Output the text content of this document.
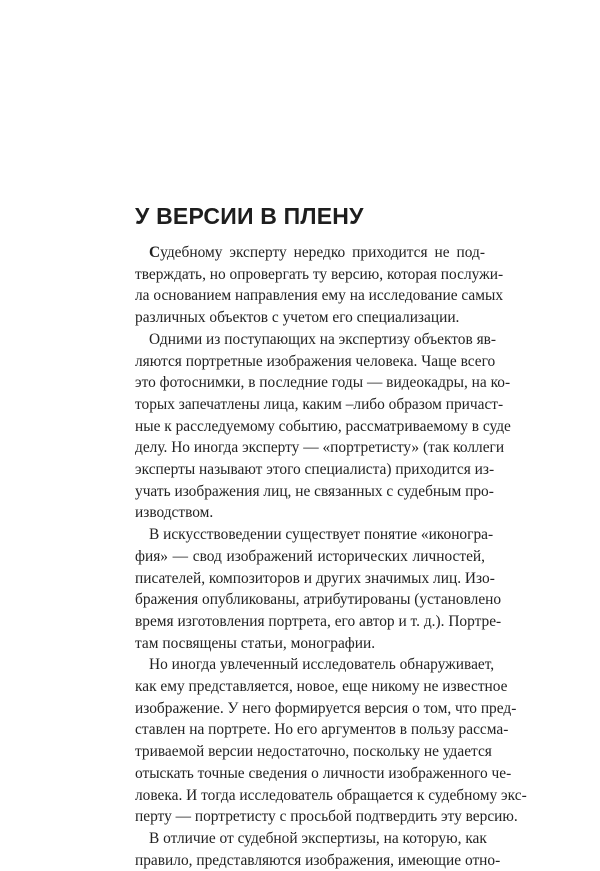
У ВЕРСИИ В ПЛЕНУ
Судебному эксперту нередко приходится не под-
тверждать, но опровергать ту версию, которая послужи-
ла основанием направления ему на исследование самых
различных объектов с учетом его специализации.
Одними из поступающих на экспертизу объектов яв-
ляются портретные изображения человека. Чаще всего
это фотоснимки, в последние годы — видеокадры, на ко-
торых запечатлены лица, каким –либо образом причаст-
ные к расследуемому событию, рассматриваемому в суде
делу. Но иногда эксперту — «портретисту» (так коллеги
эксперты называют этого специалиста) приходится из-
учать изображения лиц, не связанных с судебным про-
изводством.
В искусствоведении существует понятие «иконогра-
фия» — свод изображений исторических личностей,
писателей, композиторов и других значимых лиц. Изо-
бражения опубликованы, атрибутированы (установлено
время изготовления портрета, его автор и т. д.). Портре-
там посвящены статьи, монографии.
Но иногда увлеченный исследователь обнаруживает,
как ему представляется, новое, еще никому не известное
изображение. У него формируется версия о том, что пред-
ставлен на портрете. Но его аргументов в пользу рассма-
триваемой версии недостаточно, поскольку не удается
отыскать точные сведения о личности изображенного че-
ловека. И тогда исследователь обращается к судебному экс-
перту — портретисту с просьбой подтвердить эту версию.
В отличие от судебной экспертизы, на которую, как
правило, представляются изображения, имеющие отно-
